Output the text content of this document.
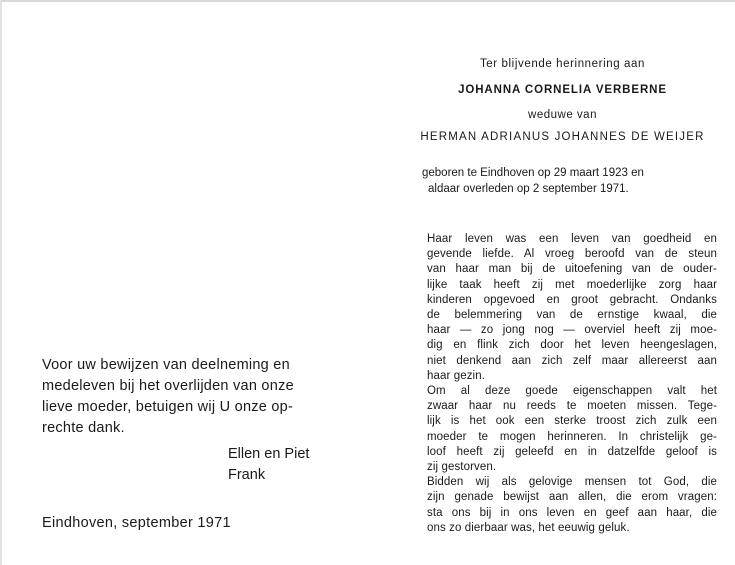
Voor uw bewijzen van deelneming en
medeleven bij het overlijden van onze
lieve moeder, betuigen wij U onze op-
rechte dank.
Ellen en Piet
Frank
Eindhoven, september 1971
Ter blijvende herinnering aan
JOHANNA CORNELIA VERBERNE
weduwe van
HERMAN ADRIANUS JOHANNES DE WEIJER
geboren te Eindhoven op 29 maart 1923 en
aldaar overleden op 2 september 1971.
Haar leven was een leven van goedheid en
gevende liefde. Al vroeg beroofd van de steun
van haar man bij de uitoefening van de ouder-
lijke taak heeft zij met moederlijke zorg haar
kinderen opgevoed en groot gebracht. Ondanks
de belemmering van de ernstige kwaal, die
haar — zo jong nog — overviel heeft zij moe-
dig en flink zich door het leven heengeslagen,
niet denkend aan zich zelf maar allereerst aan
haar gezin.
Om al deze goede eigenschappen valt het
zwaar haar nu reeds te moeten missen. Tege-
lijk is het ook een sterke troost zich zulk een
moeder te mogen herinneren. In christelijk ge-
loof heeft zij geleefd en in datzelfde geloof is
zij gestorven.
Bidden wij als gelovige mensen tot God, die
zijn genade bewijst aan allen, die erom vragen:
sta ons bij in ons leven en geef aan haar, die
ons zo dierbaar was, het eeuwig geluk.
